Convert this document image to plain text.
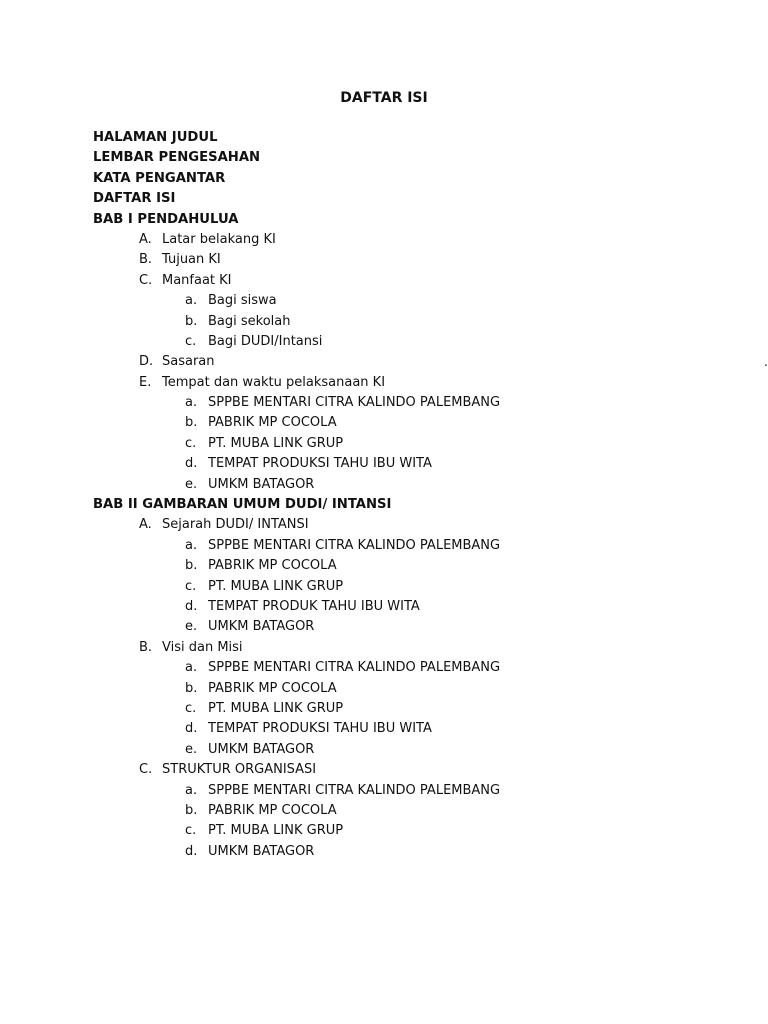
DAFTAR ISI
HALAMAN JUDUL
LEMBAR PENGESAHAN
KATA PENGANTAR
DAFTAR ISI
BAB I PENDAHULUA
A. Latar belakang KI
B. Tujuan KI
C. Manfaat KI
a. Bagi siswa
b. Bagi sekolah
c. Bagi DUDI/Intansi
D. Sasaran
E. Tempat dan waktu pelaksanaan KI
a. SPPBE MENTARI CITRA KALINDO PALEMBANG
b. PABRIK MP COCOLA
c. PT. MUBA LINK GRUP
d. TEMPAT PRODUKSI TAHU IBU WITA
e. UMKM BATAGOR
BAB II GAMBARAN UMUM DUDI/ INTANSI
A. Sejarah DUDI/ INTANSI
a. SPPBE MENTARI CITRA KALINDO PALEMBANG
b. PABRIK MP COCOLA
c. PT. MUBA LINK GRUP
d. TEMPAT PRODUK TAHU IBU WITA
e. UMKM BATAGOR
B. Visi dan Misi
a. SPPBE MENTARI CITRA KALINDO PALEMBANG
b. PABRIK MP COCOLA
c. PT. MUBA LINK GRUP
d. TEMPAT PRODUKSI TAHU IBU WITA
e. UMKM BATAGOR
C. STRUKTUR ORGANISASI
a. SPPBE MENTARI CITRA KALINDO PALEMBANG
b. PABRIK MP COCOLA
c. PT. MUBA LINK GRUP
d. UMKM BATAGOR
.
